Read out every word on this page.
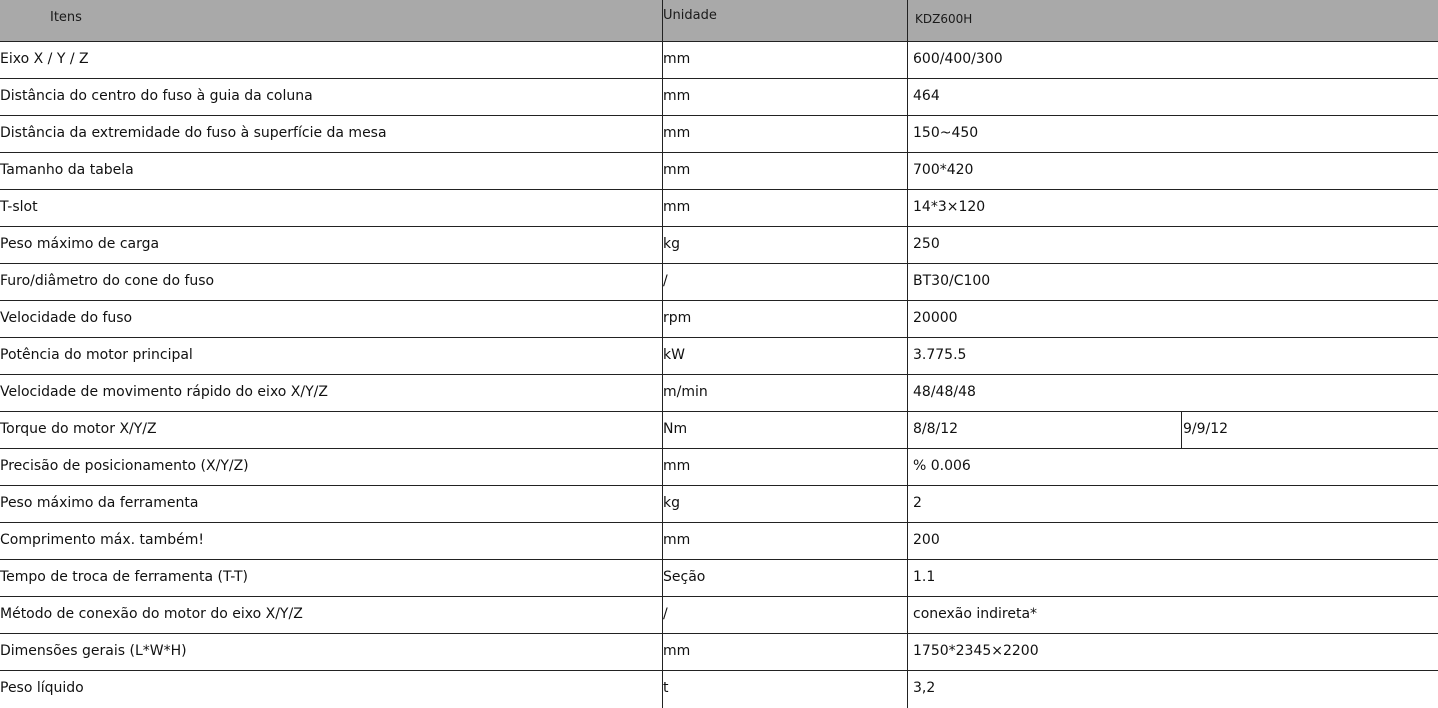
Itens	Unidade	KDZ600H
Eixo X / Y / Z	mm	600/400/300
Distância do centro do fuso à guia da coluna	mm	464
Distância da extremidade do fuso à superfície da mesa	mm	150~450
Tamanho da tabela	mm	700*420
T-slot	mm	14*3×120
Peso máximo de carga	kg	250
Furo/diâmetro do cone do fuso	/	BT30/C100
Velocidade do fuso	rpm	20000
Potência do motor principal	kW	3.775.5
Velocidade de movimento rápido do eixo X/Y/Z	m/min	48/48/48
Torque do motor X/Y/Z	Nm	8/8/12	9/9/12
Precisão de posicionamento (X/Y/Z)	mm	% 0.006
Peso máximo da ferramenta	kg	2
Comprimento máx. também!	mm	200
Tempo de troca de ferramenta (T-T)	Seção	1.1
Método de conexão do motor do eixo X/Y/Z	/	conexão indireta*
Dimensões gerais (L*W*H)	mm	1750*2345×2200
Peso líquido	t	3,2
